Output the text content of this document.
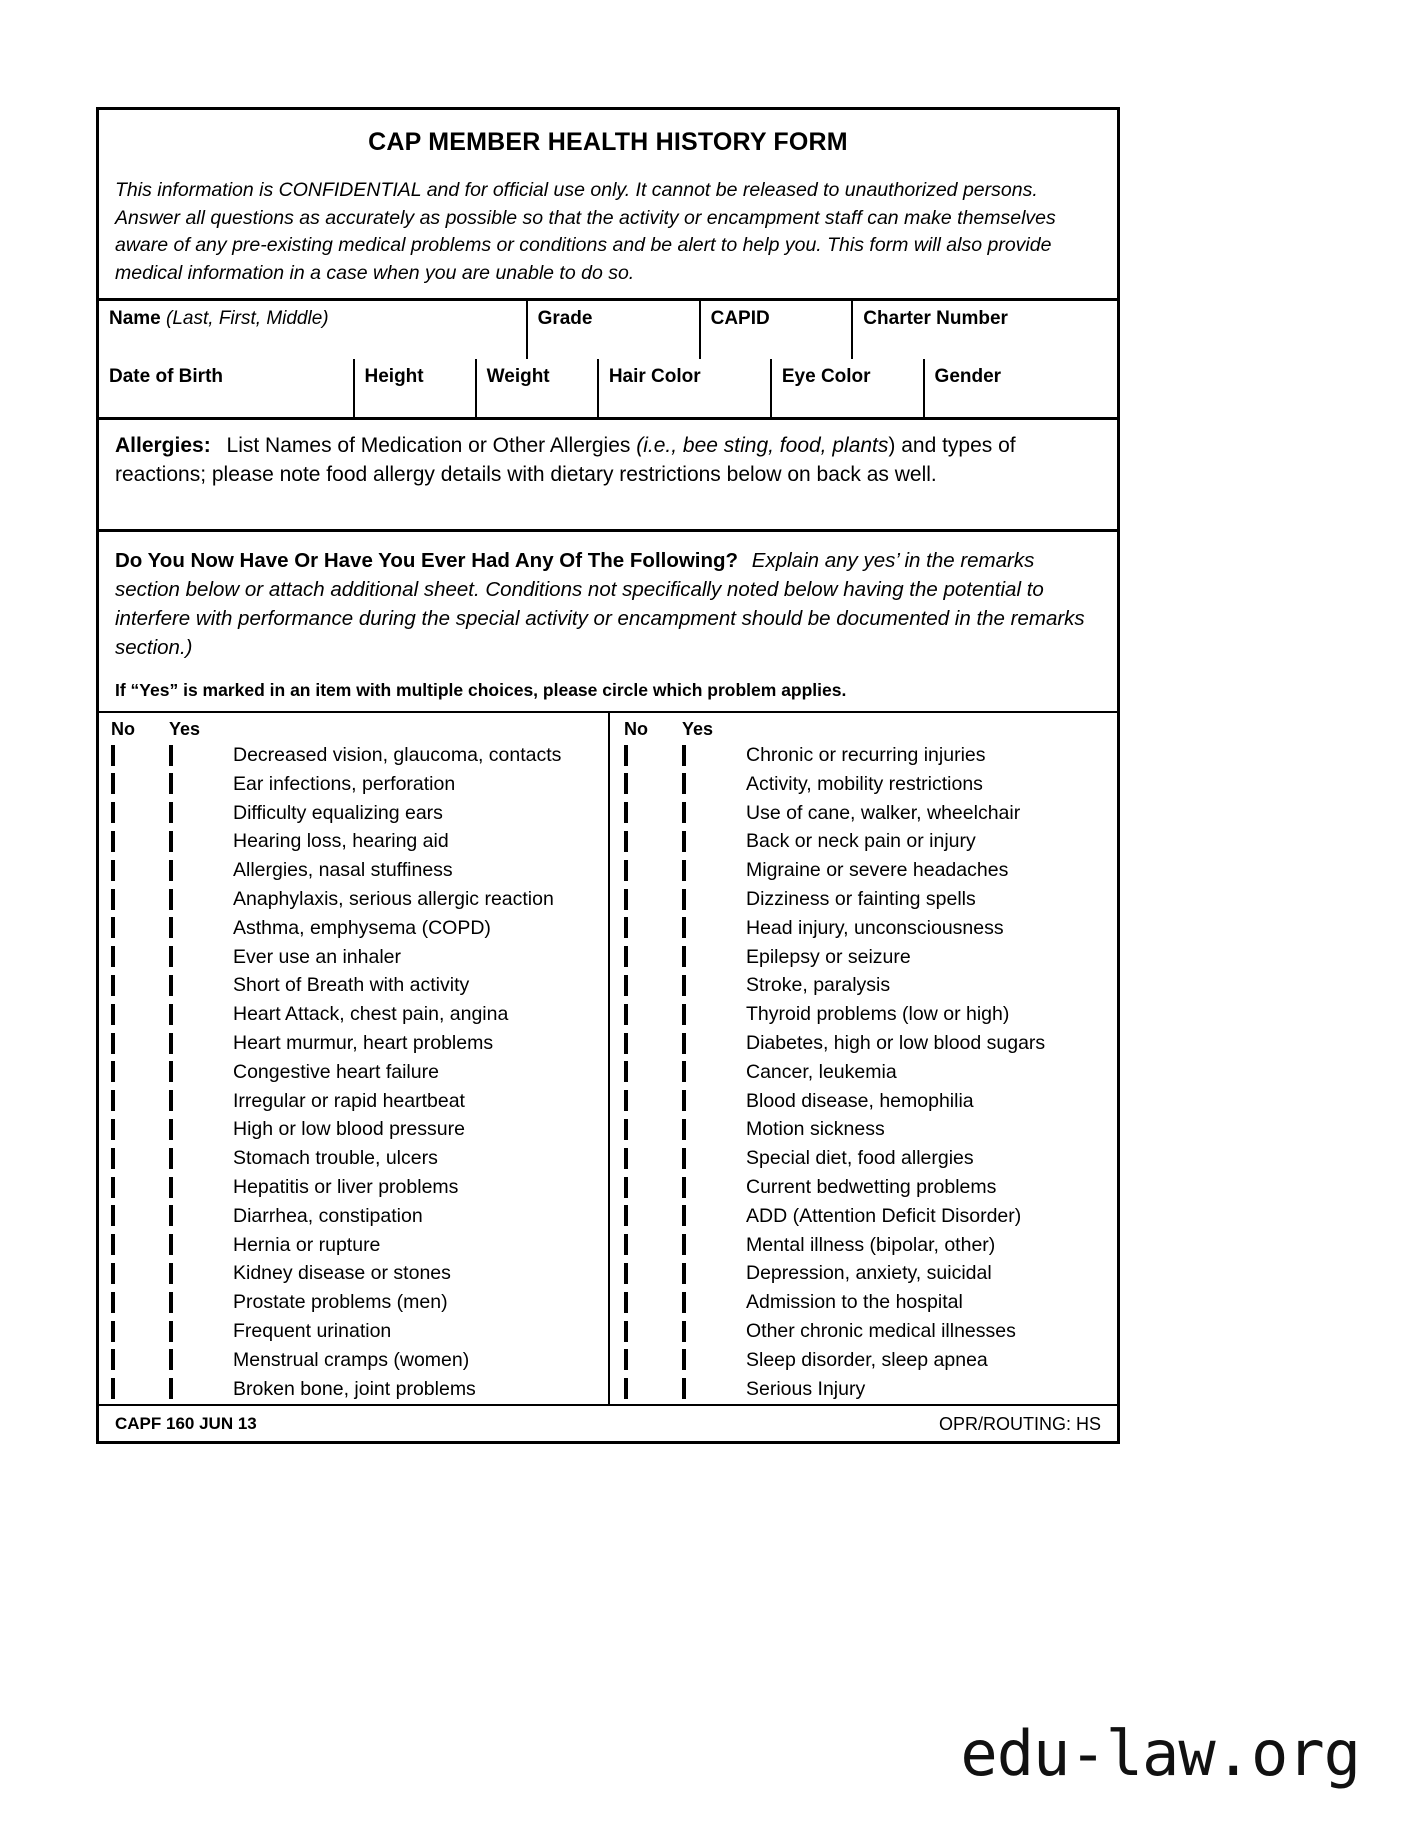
CAP MEMBER HEALTH HISTORY FORM
This information is CONFIDENTIAL and for official use only. It cannot be released to unauthorized persons. Answer all questions as accurately as possible so that the activity or encampment staff can make themselves aware of any pre-existing medical problems or conditions and be alert to help you. This form will also provide medical information in a case when you are unable to do so.
Name (Last, First, Middle)	Grade	CAPID	Charter Number
Date of Birth	Height	Weight	Hair Color	Eye Color	Gender
Allergies: List Names of Medication or Other Allergies (i.e., bee sting, food, plants) and types of reactions; please note food allergy details with dietary restrictions below on back as well.
Do You Now Have Or Have You Ever Had Any Of The Following? Explain any yes’ in the remarks section below or attach additional sheet. Conditions not specifically noted below having the potential to interfere with performance during the special activity or encampment should be documented in the remarks section.)
If “Yes” is marked in an item with multiple choices, please circle which problem applies.
No	Yes
Decreased vision, glaucoma, contacts
Ear infections, perforation
Difficulty equalizing ears
Hearing loss, hearing aid
Allergies, nasal stuffiness
Anaphylaxis, serious allergic reaction
Asthma, emphysema (COPD)
Ever use an inhaler
Short of Breath with activity
Heart Attack, chest pain, angina
Heart murmur, heart problems
Congestive heart failure
Irregular or rapid heartbeat
High or low blood pressure
Stomach trouble, ulcers
Hepatitis or liver problems
Diarrhea, constipation
Hernia or rupture
Kidney disease or stones
Prostate problems (men)
Frequent urination
Menstrual cramps (women)
Broken bone, joint problems
No	Yes
Chronic or recurring injuries
Activity, mobility restrictions
Use of cane, walker, wheelchair
Back or neck pain or injury
Migraine or severe headaches
Dizziness or fainting spells
Head injury, unconsciousness
Epilepsy or seizure
Stroke, paralysis
Thyroid problems (low or high)
Diabetes, high or low blood sugars
Cancer, leukemia
Blood disease, hemophilia
Motion sickness
Special diet, food allergies
Current bedwetting problems
ADD (Attention Deficit Disorder)
Mental illness (bipolar, other)
Depression, anxiety, suicidal
Admission to the hospital
Other chronic medical illnesses
Sleep disorder, sleep apnea
Serious Injury
CAPF 160 JUN 13	OPR/ROUTING: HS
edu-law.org
